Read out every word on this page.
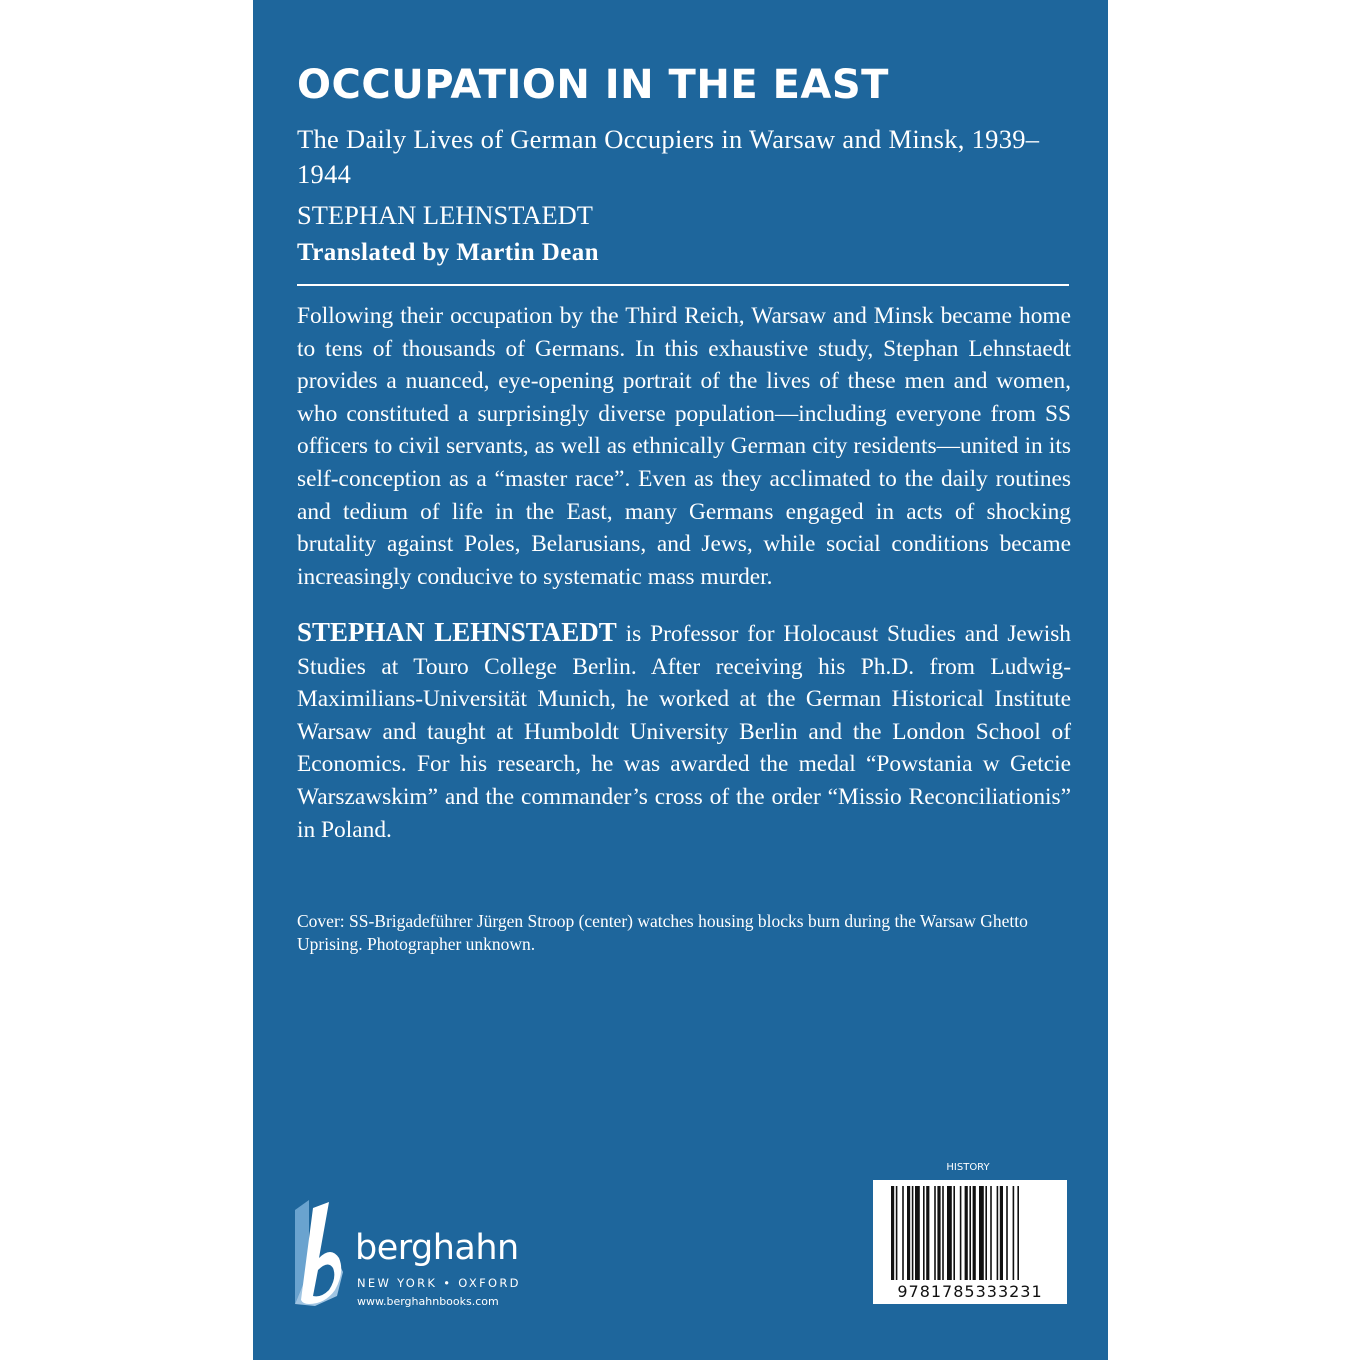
OCCUPATION IN THE EAST
The Daily Lives of German Occupiers in Warsaw and Minsk, 1939–1944
STEPHAN LEHNSTAEDT
Translated by Martin Dean

Following their occupation by the Third Reich, Warsaw and Minsk became home to tens of thousands of Germans. In this exhaustive study, Stephan Lehnstaedt provides a nuanced, eye-opening portrait of the lives of these men and women, who constituted a surprisingly diverse population—including everyone from SS officers to civil servants, as well as ethnically German city residents—united in its self-conception as a “master race”. Even as they acclimated to the daily routines and tedium of life in the East, many Germans engaged in acts of shocking brutality against Poles, Belarusians, and Jews, while social conditions became increasingly conducive to systematic mass murder.

STEPHAN LEHNSTAEDT is Professor for Holocaust Studies and Jewish Studies at Touro College Berlin. After receiving his Ph.D. from Ludwig-Maximilians-Universität Munich, he worked at the German Historical Institute Warsaw and taught at Humboldt University Berlin and the London School of Economics. For his research, he was awarded the medal “Powstania w Getcie Warszawskim” and the commander’s cross of the order “Missio Reconciliationis” in Poland.

Cover: SS-Brigadeführer Jürgen Stroop (center) watches housing blocks burn during the Warsaw Ghetto Uprising. Photographer unknown.

berghahn
NEW YORK • OXFORD
www.berghahnbooks.com
HISTORY
9781785333231
